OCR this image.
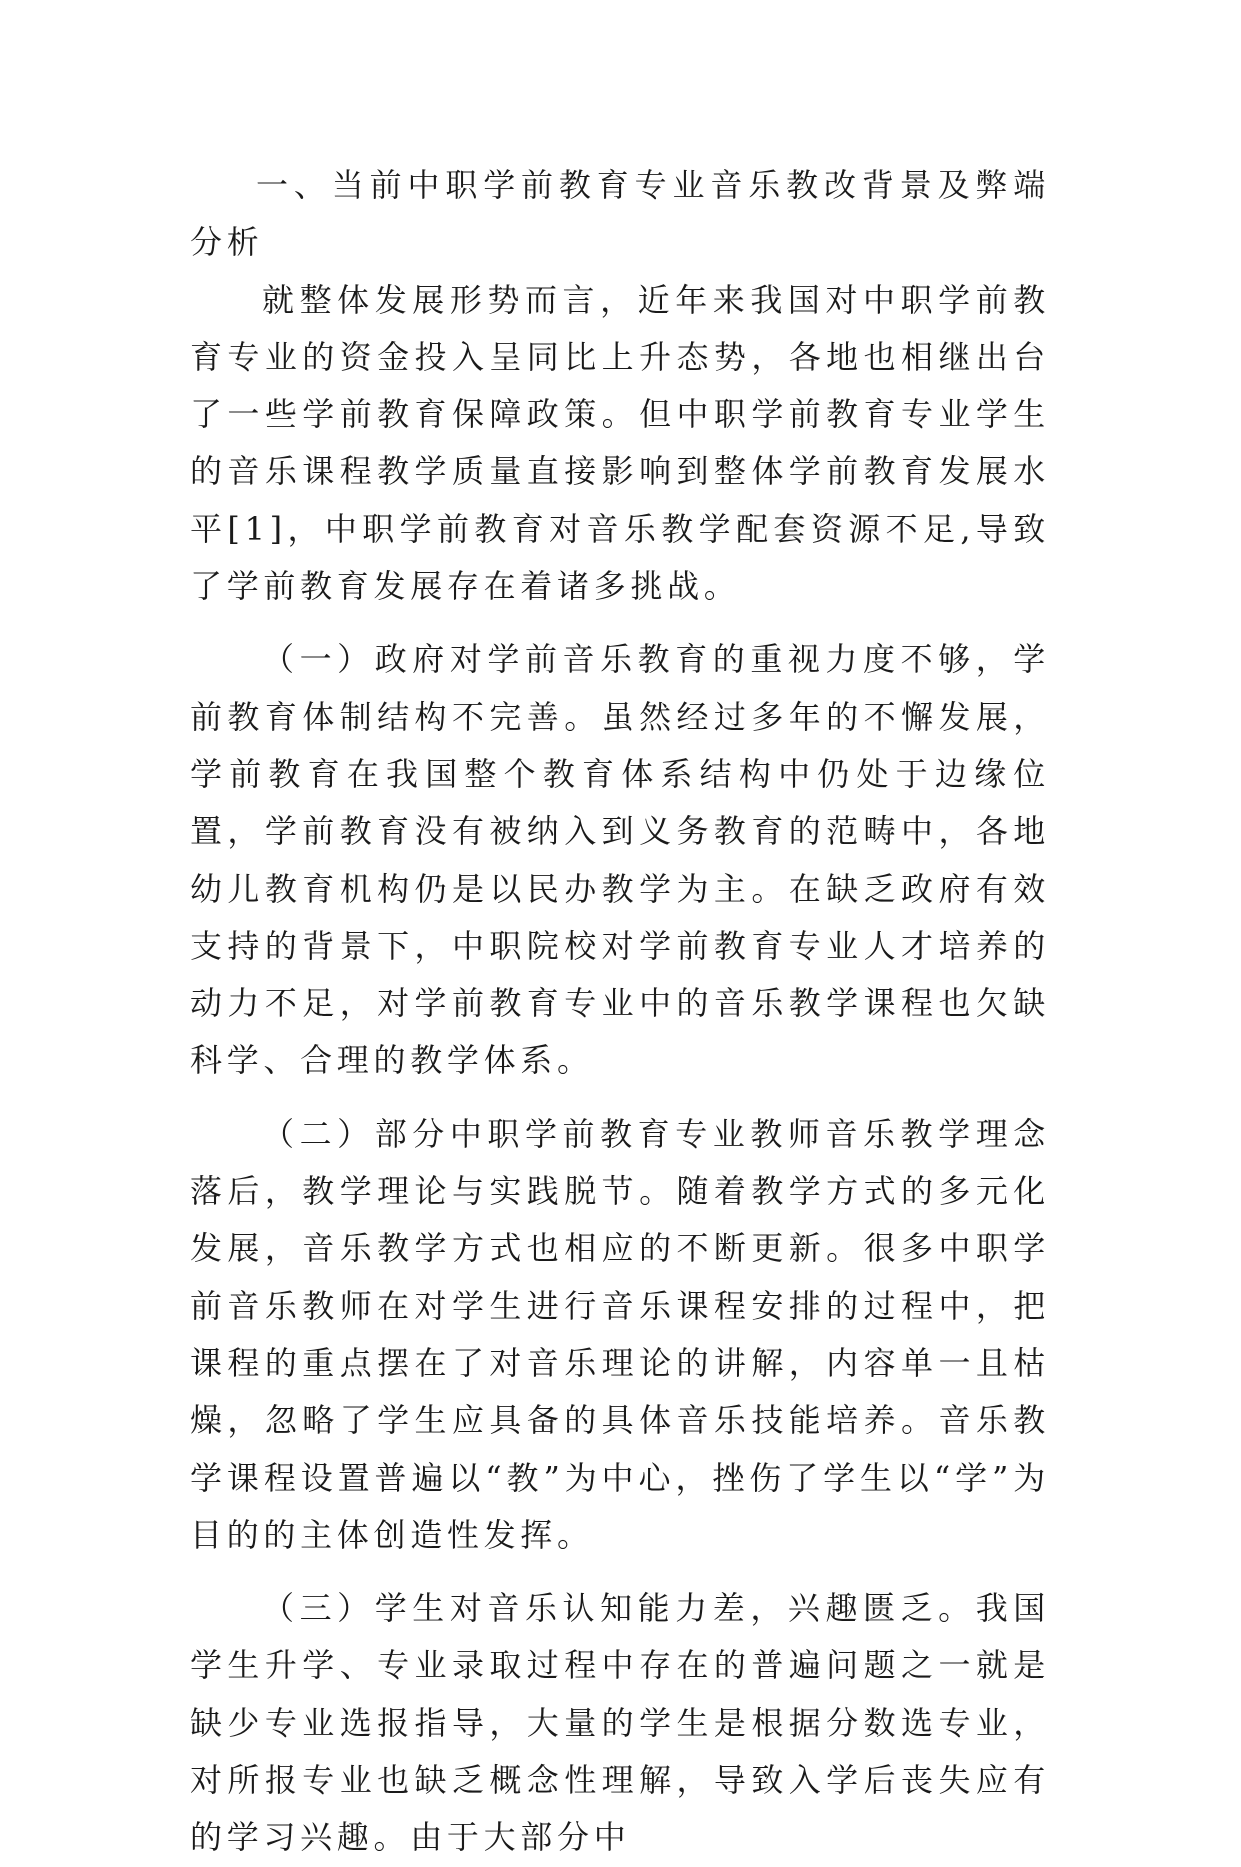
一、当前中职学前教育专业音乐教改背景及弊端分析

就整体发展形势而言，近年来我国对中职学前教育专业的资金投入呈同比上升态势，各地也相继出台了一些学前教育保障政策。但中职学前教育专业学生的音乐课程教学质量直接影响到整体学前教育发展水平[1]，中职学前教育对音乐教学配套资源不足,导致了学前教育发展存在着诸多挑战。

（一）政府对学前音乐教育的重视力度不够，学前教育体制结构不完善。虽然经过多年的不懈发展，学前教育在我国整个教育体系结构中仍处于边缘位置，学前教育没有被纳入到义务教育的范畴中，各地幼儿教育机构仍是以民办教学为主。在缺乏政府有效支持的背景下，中职院校对学前教育专业人才培养的动力不足，对学前教育专业中的音乐教学课程也欠缺科学、合理的教学体系。

（二）部分中职学前教育专业教师音乐教学理念落后，教学理论与实践脱节。随着教学方式的多元化发展，音乐教学方式也相应的不断更新。很多中职学前音乐教师在对学生进行音乐课程安排的过程中，把课程的重点摆在了对音乐理论的讲解，内容单一且枯燥，忽略了学生应具备的具体音乐技能培养。音乐教学课程设置普遍以“教”为中心，挫伤了学生以“学”为目的的主体创造性发挥。

（三）学生对音乐认知能力差，兴趣匮乏。我国学生升学、专业录取过程中存在的普遍问题之一就是缺少专业选报指导，大量的学生是根据分数选专业，对所报专业也缺乏概念性理解，导致入学后丧失应有的学习兴趣。由于大部分中
